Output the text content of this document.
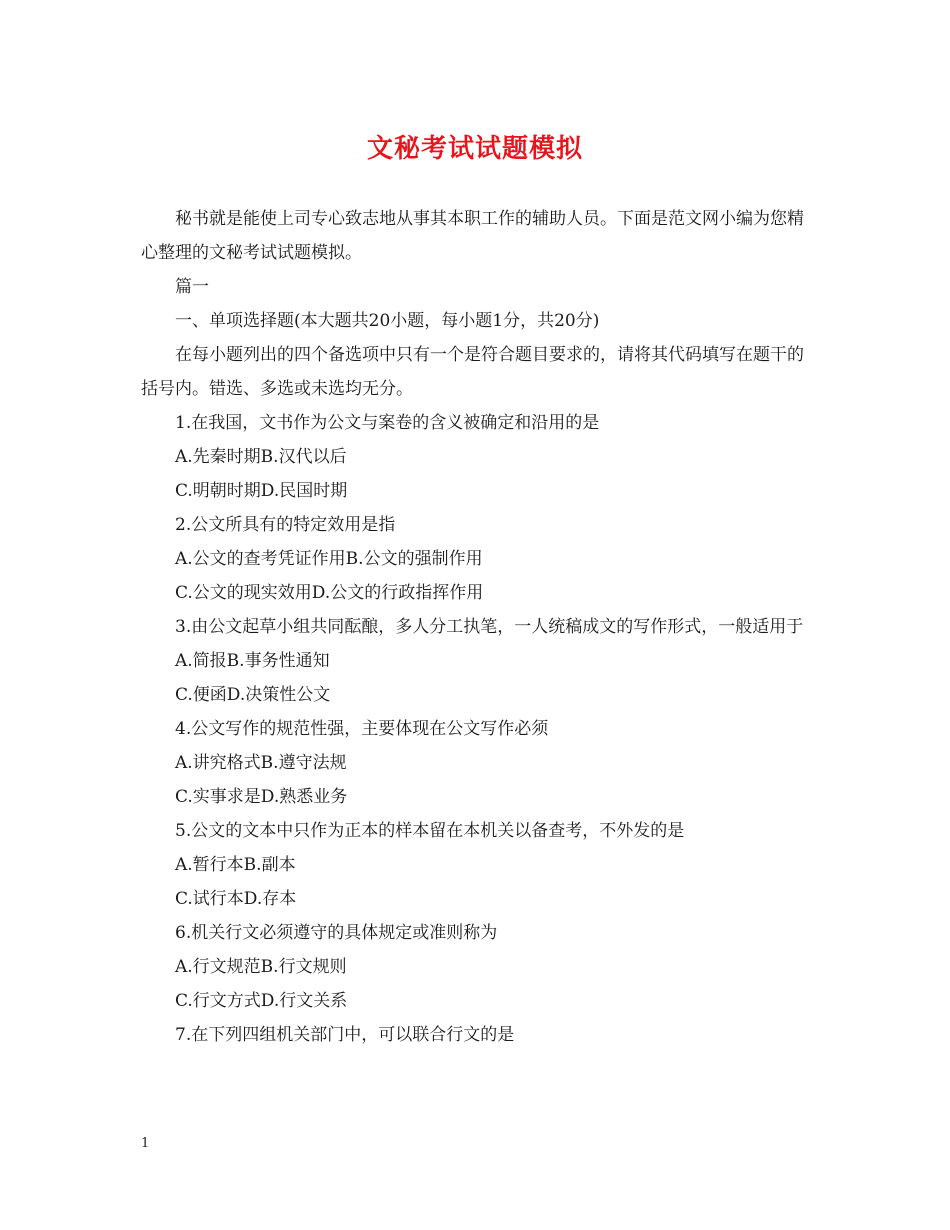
文秘考试试题模拟

秘书就是能使上司专心致志地从事其本职工作的辅助人员。下面是范文网小编为您精心整理的文秘考试试题模拟。

篇一

一、单项选择题(本大题共20小题，每小题1分，共20分)

在每小题列出的四个备选项中只有一个是符合题目要求的，请将其代码填写在题干的括号内。错选、多选或未选均无分。

1.在我国，文书作为公文与案卷的含义被确定和沿用的是

A.先秦时期B.汉代以后

C.明朝时期D.民国时期

2.公文所具有的特定效用是指

A.公文的查考凭证作用B.公文的强制作用

C.公文的现实效用D.公文的行政指挥作用

3.由公文起草小组共同酝酿，多人分工执笔，一人统稿成文的写作形式，一般适用于

A.简报B.事务性通知

C.便函D.决策性公文

4.公文写作的规范性强，主要体现在公文写作必须

A.讲究格式B.遵守法规

C.实事求是D.熟悉业务

5.公文的文本中只作为正本的样本留在本机关以备查考，不外发的是

A.暂行本B.副本

C.试行本D.存本

6.机关行文必须遵守的具体规定或准则称为

A.行文规范B.行文规则

C.行文方式D.行文关系

7.在下列四组机关部门中，可以联合行文的是

1
